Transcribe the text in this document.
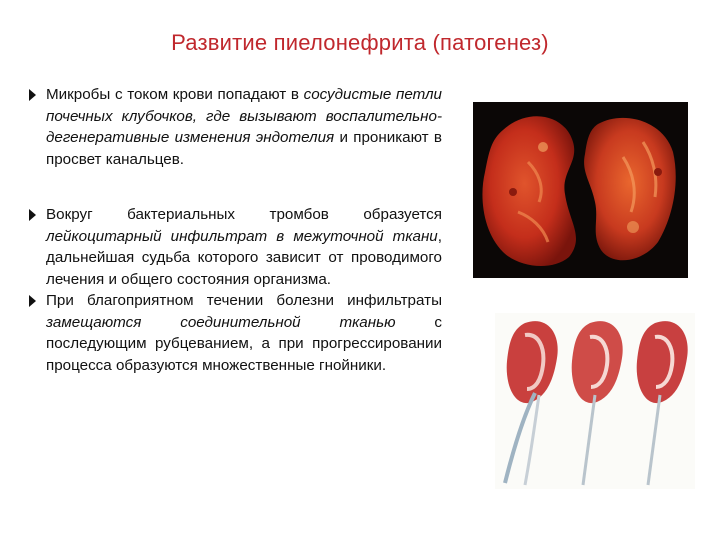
Развитие пиелонефрита (патогенез)
Микробы с током крови попадают в сосудистые петли почечных клубочков, где вызывают воспалительно-дегенеративные изменения эндотелия и проникают в просвет канальцев.
Вокруг бактериальных тромбов образуется лейкоцитарный инфильтрат в межуточной ткани, дальнейшая судьба которого зависит от проводимого лечения и общего состояния организма.
При благоприятном течении болезни инфильтраты замещаются соединительной тканью с последующим рубцеванием, а при прогрессировании процесса образуются множественные гнойники.
